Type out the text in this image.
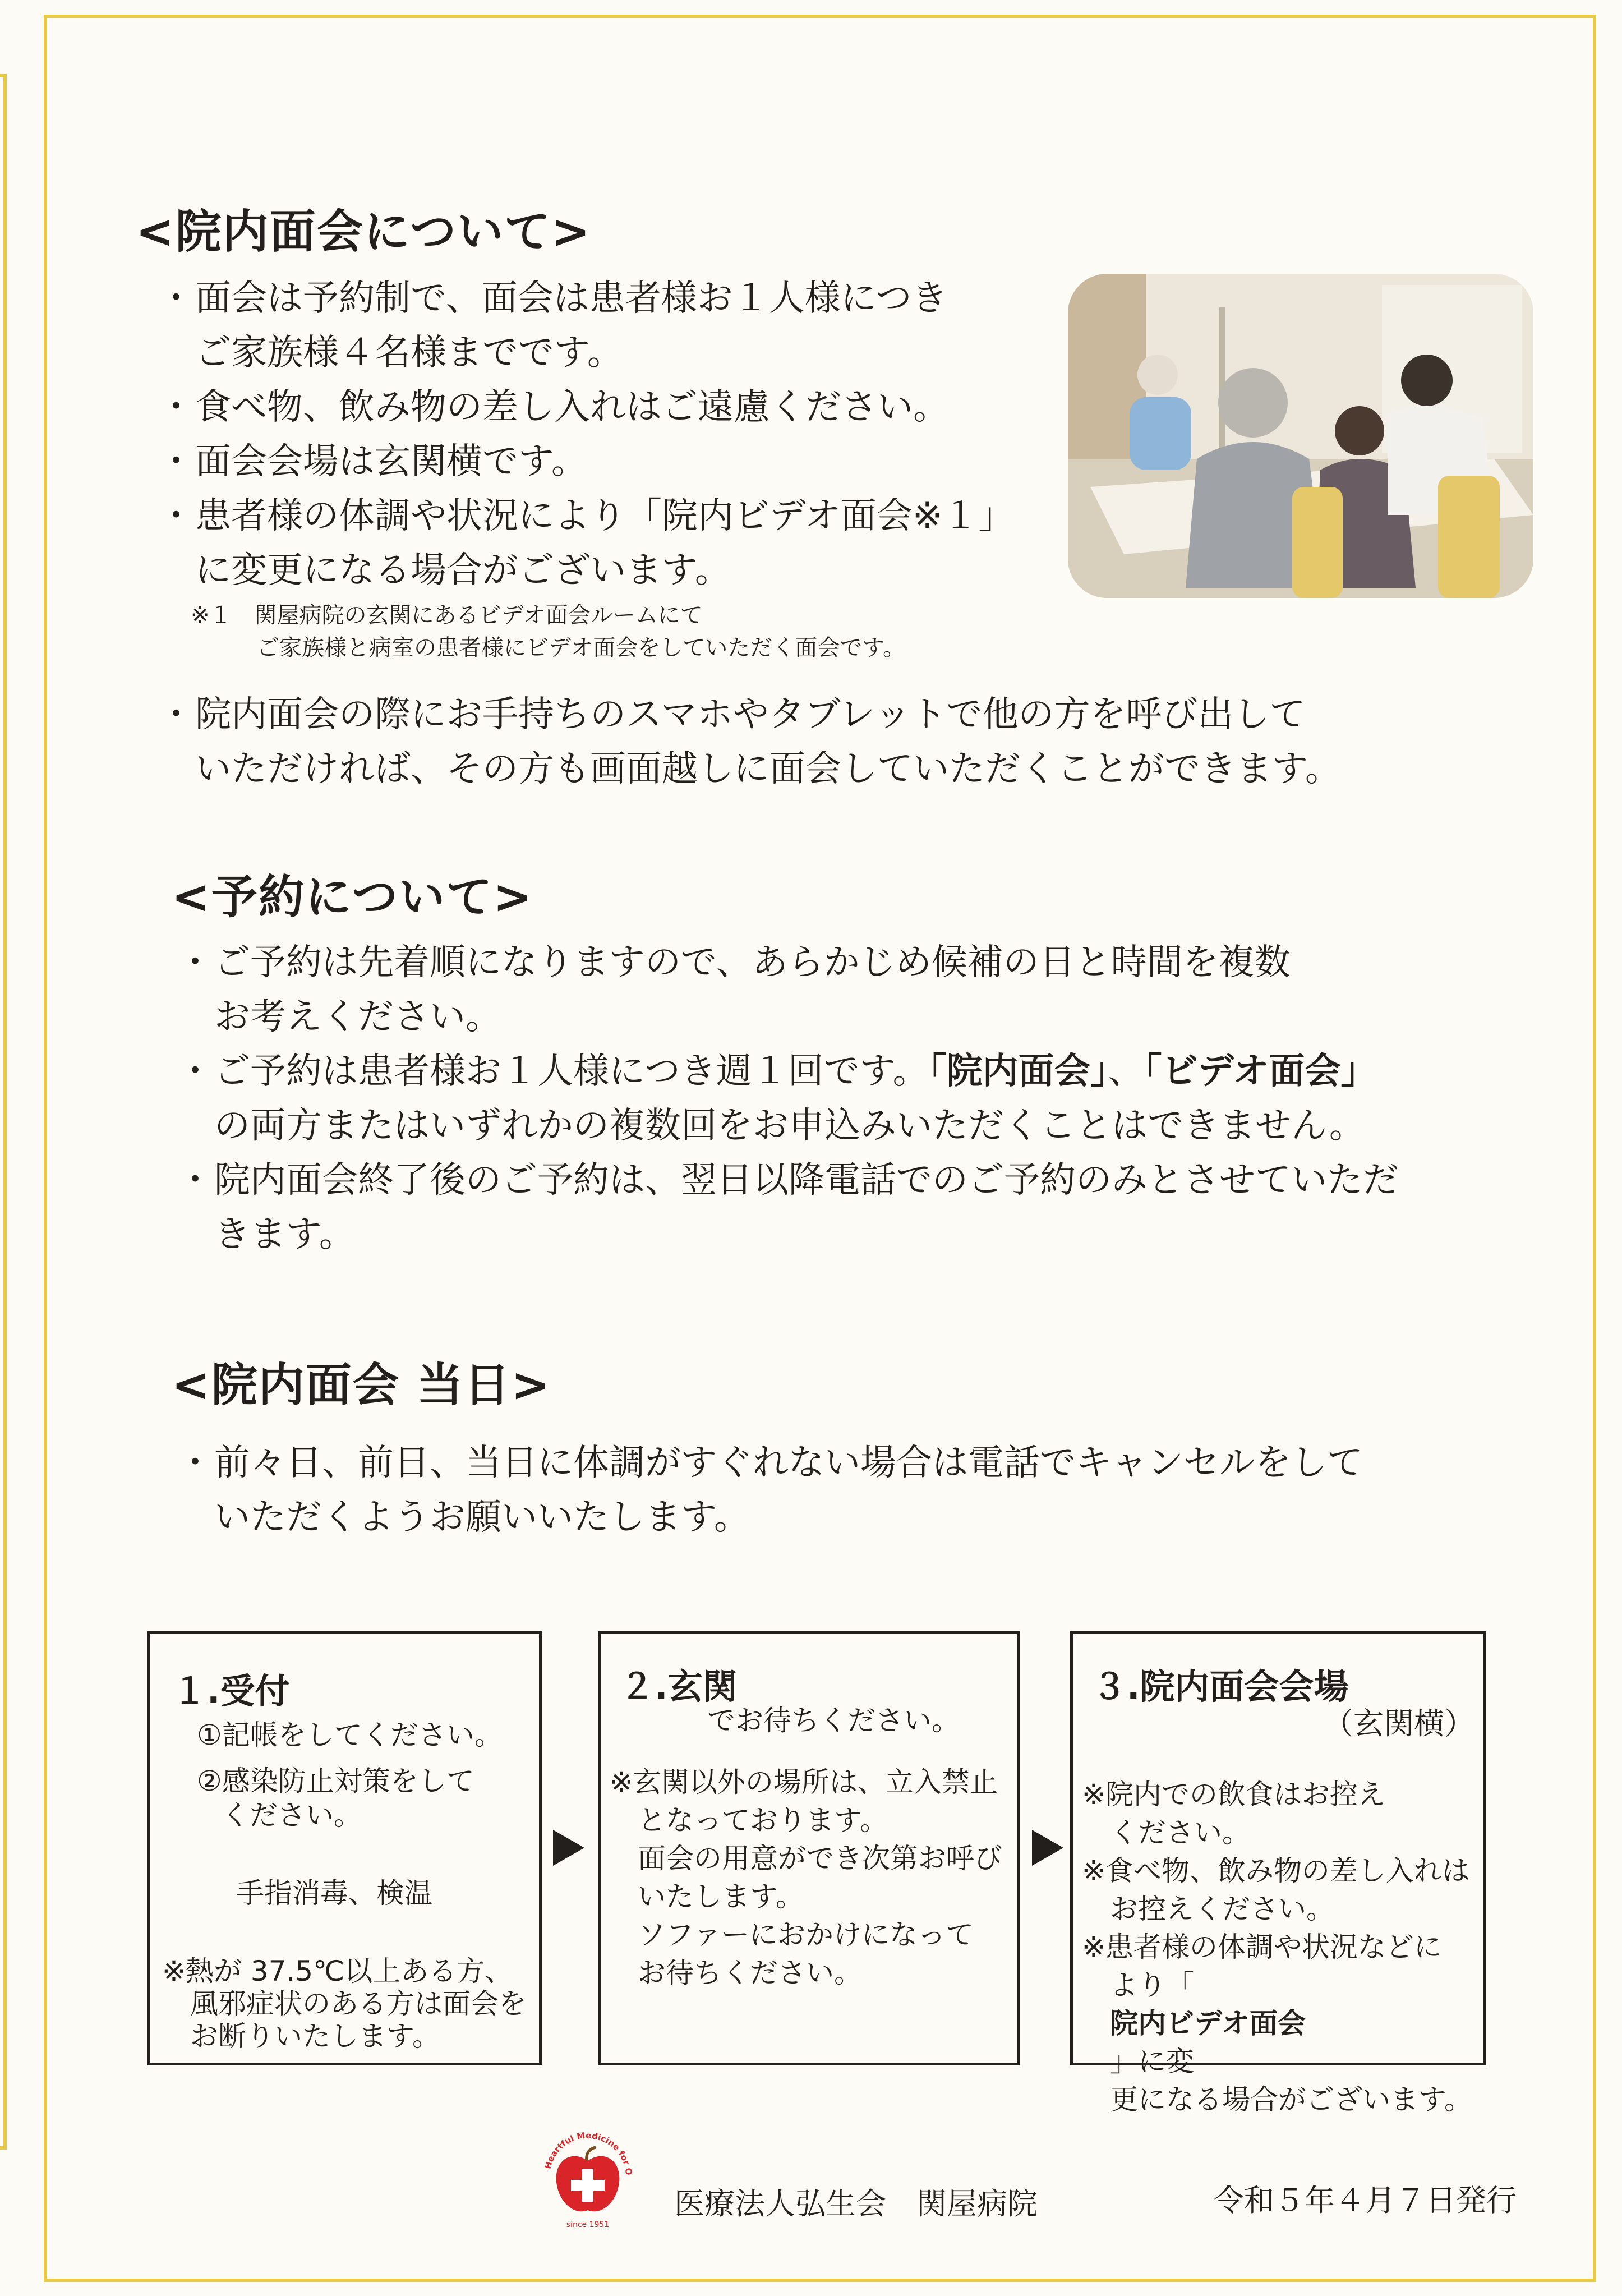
<院内面会について>
・ 面会は予約制で、面会は患者様お１人様につき
ご家族様４名様までです。
・ 食べ物、飲み物の差し入れはご遠慮ください。
・ 面会会場は玄関横です。
・ 患者様の体調や状況により「院内ビデオ面会※１」
に変更になる場合がございます。
※１　関屋病院の玄関にあるビデオ面会ルームにて
ご家族様と病室の患者様にビデオ面会をしていただく面会です。
・ 院内面会の際にお手持ちのスマホやタブレットで他の方を呼び出して
いただければ、その方も画面越しに面会していただくことができます。
<予約について>
・ ご予約は先着順になりますので、あらかじめ候補の日と時間を複数
お考えください。
・ ご予約は患者様お１人様につき週１回です。「院内面会」、「ビデオ面会」
の両方またはいずれかの複数回をお申込みいただくことはできません。
・ 院内面会終了後のご予約は、翌日以降電話でのご予約のみとさせていただ
きます。
<院内面会 当日>
・ 前々日、前日、当日に体調がすぐれない場合は電話でキャンセルをして
いただくようお願いいたします。
１.受付
①記帳をしてください。
②感染防止対策をして
ください。
手指消毒、検温
※熱が 37.5℃以上ある方、
風邪症状のある方は面会を
お断りいたします。
２.玄関
でお待ちください。
※玄関以外の場所は、立入禁止
となっております。
面会の用意ができ次第お呼び
いたします。
ソファーにおかけになって
お待ちください。
３.院内面会会場
（玄関横）
※院内での飲食はお控え
ください。
※食べ物、飲み物の差し入れは
お控えください。
※患者様の体調や状況などに
より「
院内ビデオ面会
」に変
更になる場合がございます。
Heartful Medicine for O
since 1951
医療法人弘生会　関屋病院	令和５年４月７日発行
